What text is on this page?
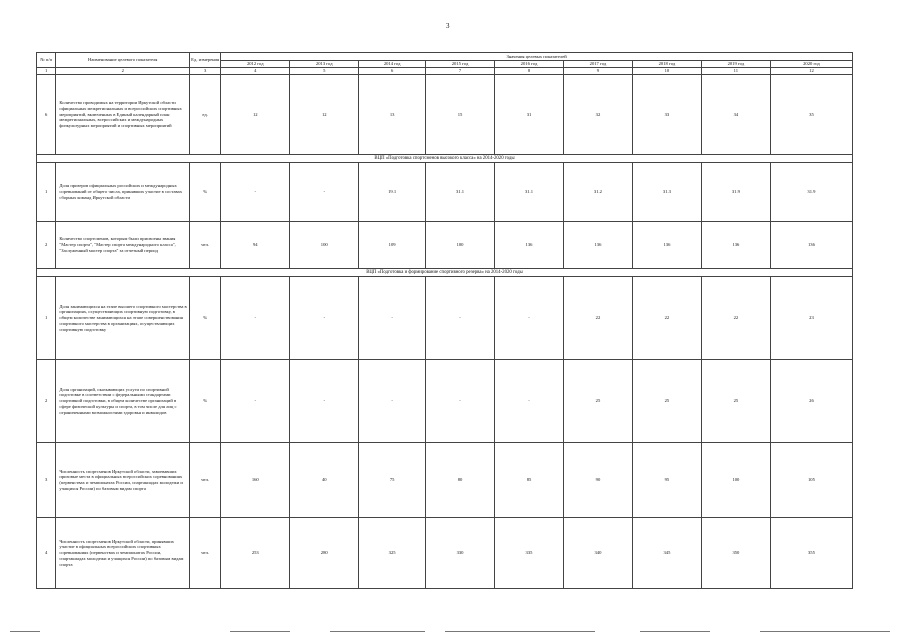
3
№ п/п	Наименование целевого показателя	Ед. измерения	Значения целевых показателей								
			2012 год	2013 год	2014 год	2015 год	2016 год	2017 год	2018 год	2019 год	2020 год
1	2	3	4	5	6	7	8	9	10	11	12
6	Количество проводимых на территории Иркутской области официальных межрегиональных и всероссийских спортивных мероприятий, включенных в Единый календарный план межрегиональных, всероссийских и международных физкультурных мероприятий и спортивных мероприятий	ед.	12	12	13	15	31	32	33	34	35
ВЦП «Подготовка спортсменов высокого класса» на 2014-2020 годы											
1	Доля призеров официальных российских и международных соревнований от общего числа, принявших участие в составах сборных команд Иркутской области	%	-	-	19.1	31.1	31.1	31.2	31.3	31.9	31.9
2	Количество спортсменов, которым были присвоены звания "Мастер спорта", "Мастер спорта международного класса", "Заслуженный мастер спорта" за отчетный период	чел.	94	100	109	100	136	136	136	136	136
ВЦП «Подготовка и формирование спортивного резерва» на 2014-2020 годы											
1	Доля занимающихся на этапе высшего спортивного мастерства в организациях, осуществляющих спортивную подготовку, в общем количестве занимающихся на этапе совершенствования спортивного мастерства в организациях, осуществляющих спортивную подготовку	%	-	-	-	-	-	22	22	22	23
2	Доля организаций, оказывающих услуги по спортивной подготовке в соответствии с федеральными стандартами спортивной подготовки, в общем количестве организаций в сфере физической культуры и спорта, в том числе для лиц с ограниченными возможностями здоровья и инвалидов	%	-	-	-	-	-	25	25	25	26
3	Численность спортсменов Иркутской области, завоевавших призовые места в официальных всероссийских соревнованиях (первенствах и чемпионатах России, спартакиадах молодежи и учащихся России) по базовым видам спорта	чел.	160	40	75	80	85	90	95	100	105
4	Численность спортсменов Иркутской области, принявших участие в официальных всероссийских спортивных соревнованиях (первенствах и чемпионатах России, спартакиадах молодежи и учащихся России) по базовым видам спорта	чел.	253	280	325	330	335	340	345	350	355
